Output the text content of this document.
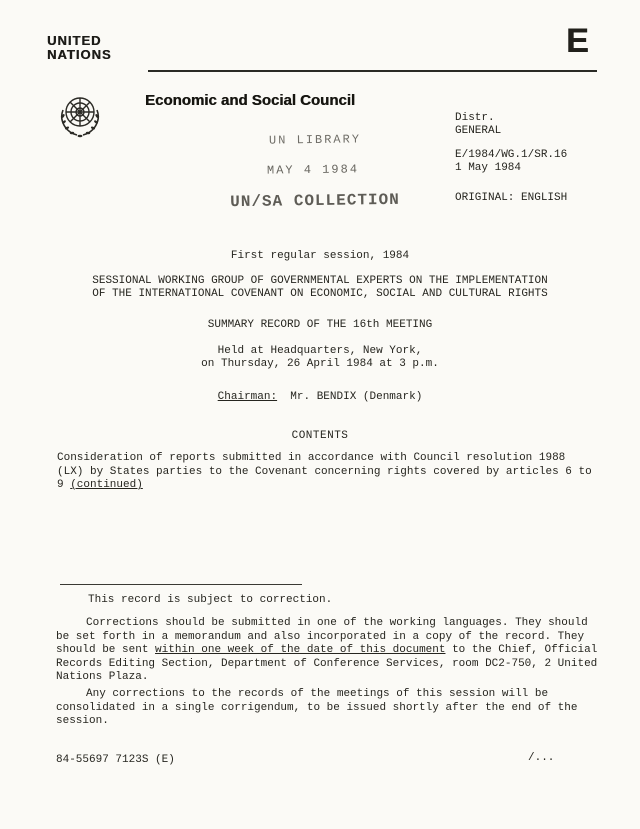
UNITED
NATIONS	E
Economic and Social Council
UN LIBRARY
MAY 4 1984
UN/SA COLLECTION
Distr.
GENERAL
E/1984/WG.1/SR.16
1 May 1984
ORIGINAL: ENGLISH
First regular session, 1984
SESSIONAL WORKING GROUP OF GOVERNMENTAL EXPERTS ON THE IMPLEMENTATION
OF THE INTERNATIONAL COVENANT ON ECONOMIC, SOCIAL AND CULTURAL RIGHTS
SUMMARY RECORD OF THE 16th MEETING
Held at Headquarters, New York,
on Thursday, 26 April 1984 at 3 p.m.
Chairman:  Mr. BENDIX (Denmark)
CONTENTS
Consideration of reports submitted in accordance with Council resolution 1988 (LX) by States parties to the Covenant concerning rights covered by articles 6 to 9 (continued)
This record is subject to correction.
Corrections should be submitted in one of the working languages. They should be set forth in a memorandum and also incorporated in a copy of the record. They should be sent within one week of the date of this document to the Chief, Official Records Editing Section, Department of Conference Services, room DC2-750, 2 United Nations Plaza.
Any corrections to the records of the meetings of this session will be consolidated in a single corrigendum, to be issued shortly after the end of the session.
84-55697 7123S (E)	/...
